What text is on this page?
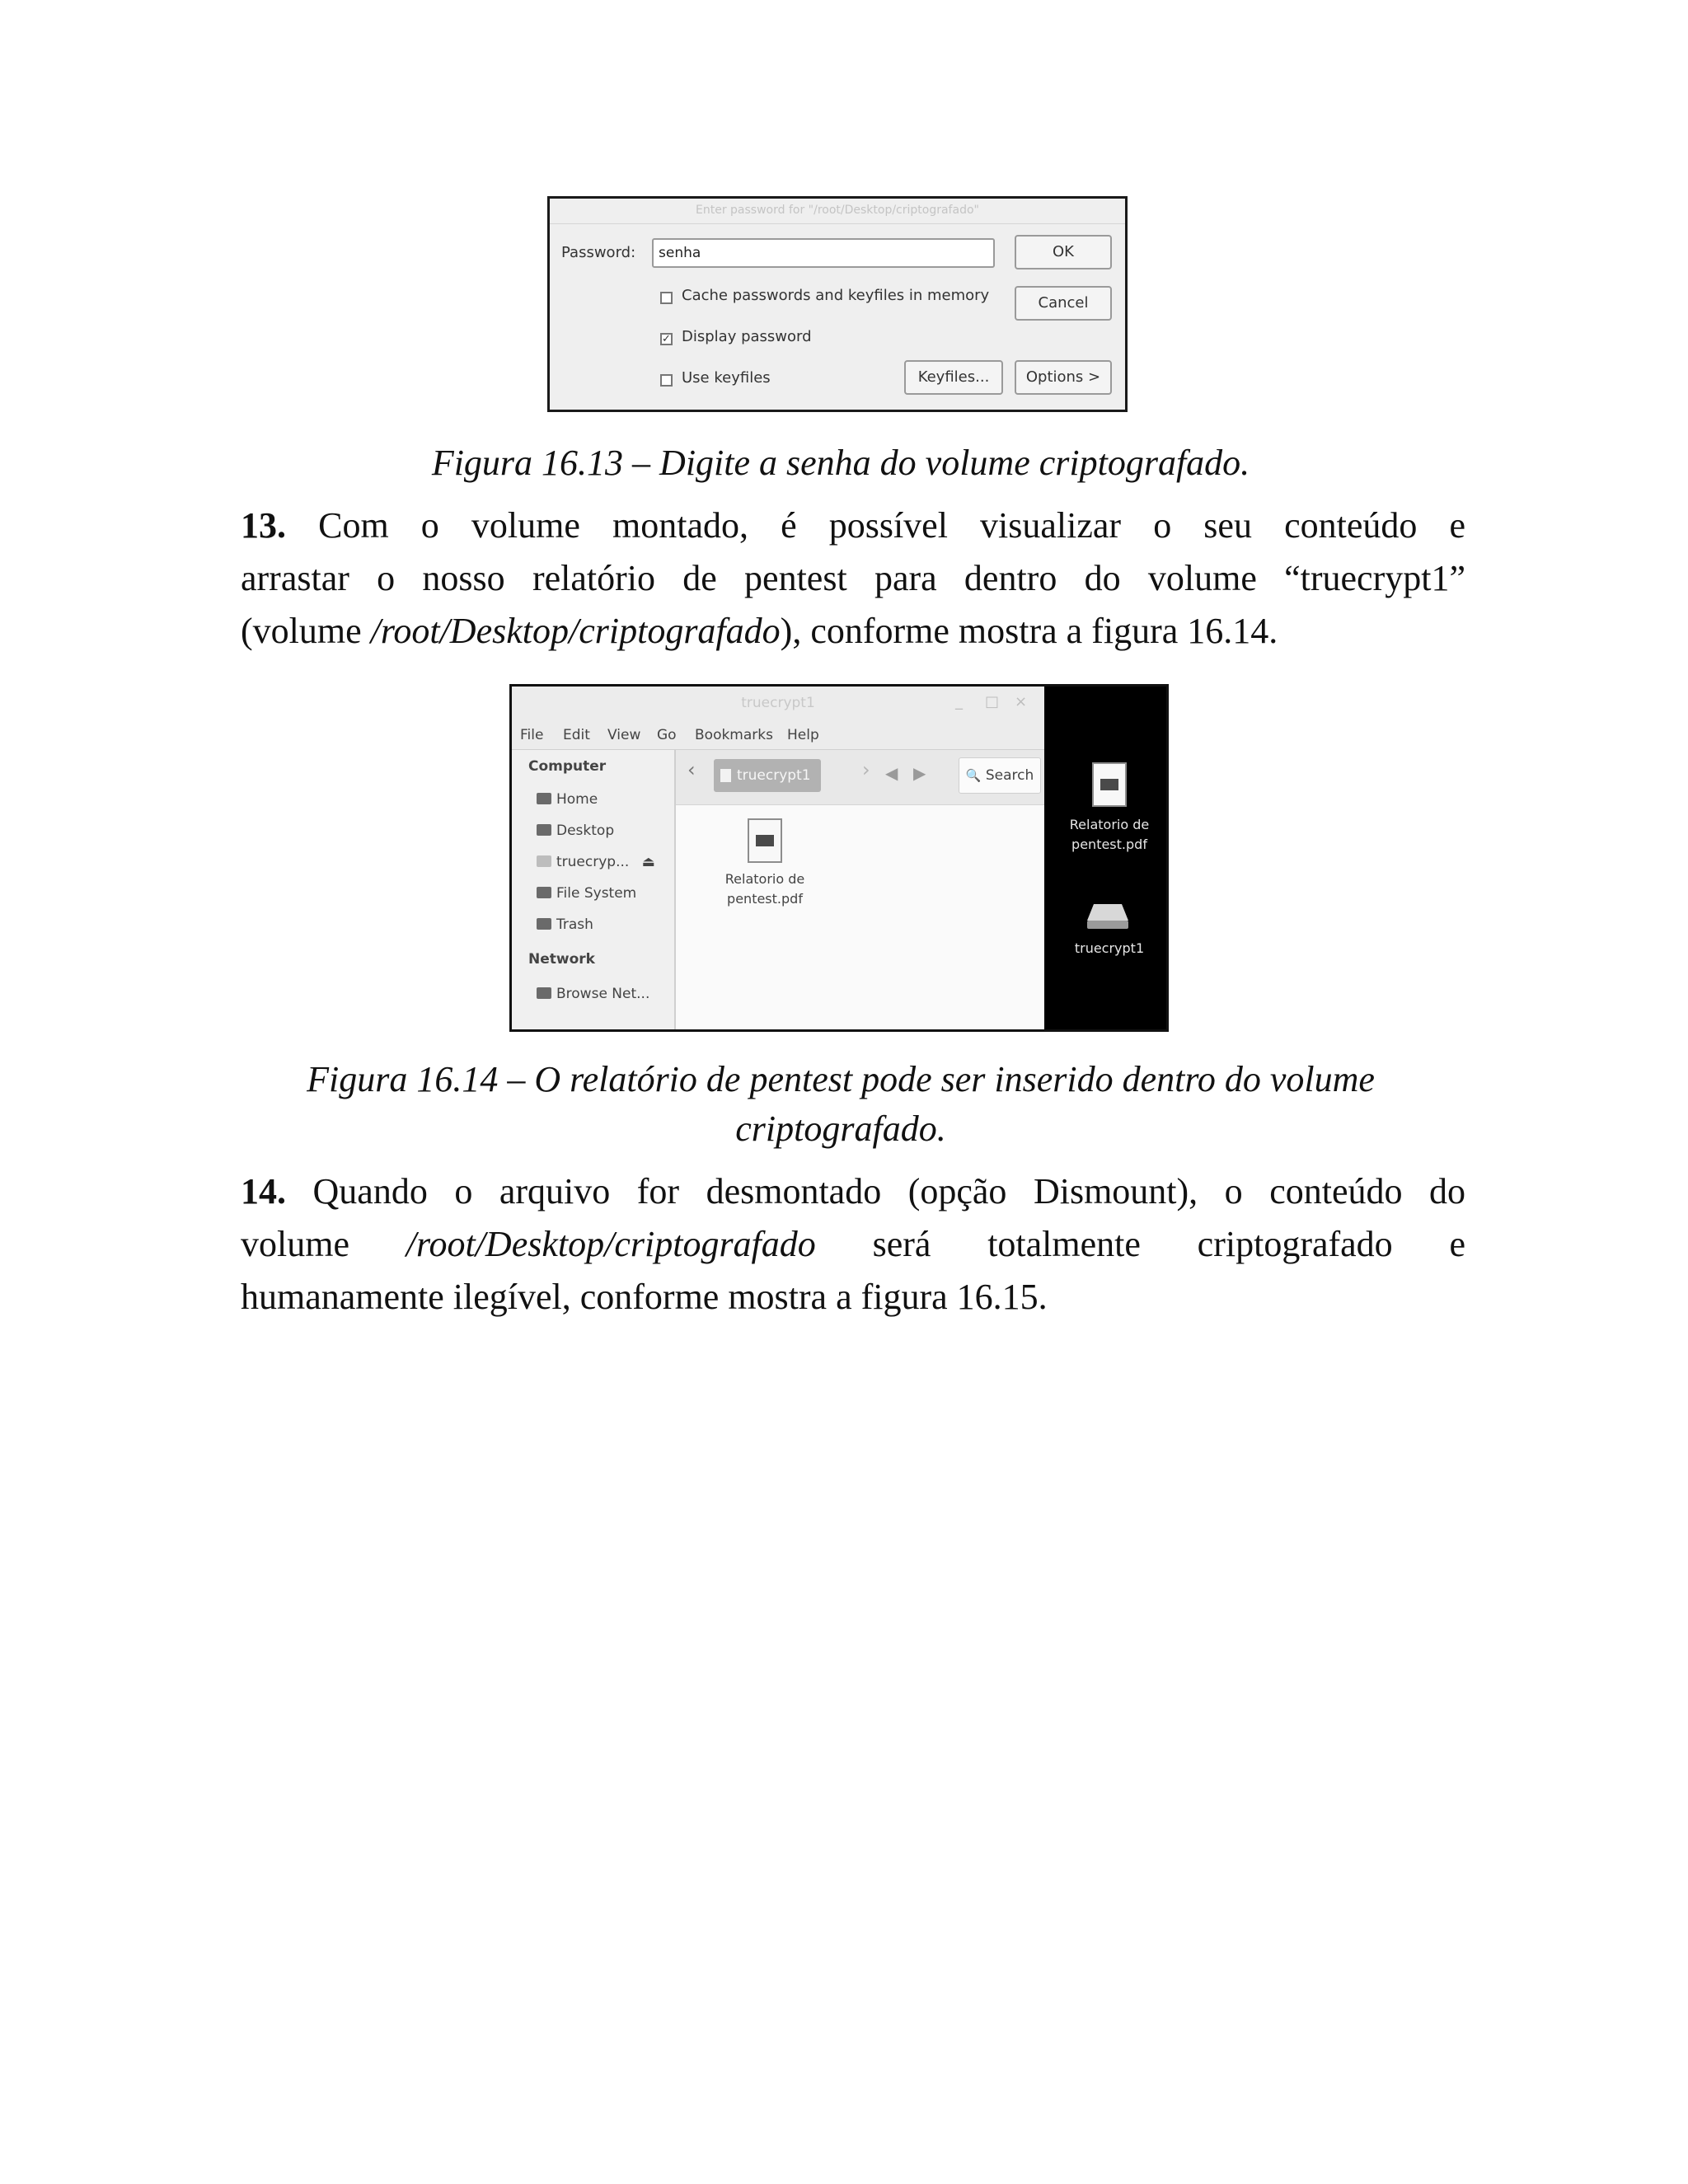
Enter password for "/root/Desktop/criptografado"
Password:	senha	OK
Cancel
Cache passwords and keyfiles in memory
✓ Display password
Use keyfiles	Keyfiles...	Options >
Figura 16.13 – Digite a senha do volume criptografado.
13. Com o volume montado, é possível visualizar o seu conteúdo e
arrastar o nosso relatório de pentest para dentro do volume “truecrypt1”
(volume /root/Desktop/criptografado), conforme mostra a figura 16.14.
truecrypt1	_ □ ×
File Edit View Go Bookmarks Help
Computer
Home
Desktop
truecryp... ⏏
File System
Trash
Network
Browse Net...
‹	truecrypt1	› ◀ ▶	🔍 Search
Relatorio de
pentest.pdf
Relatorio de
pentest.pdf
truecrypt1
Figura 16.14 – O relatório de pentest pode ser inserido dentro do volume
criptografado.
14. Quando o arquivo for desmontado (opção Dismount), o conteúdo do
volume /root/Desktop/criptografado será totalmente criptografado e
humanamente ilegível, conforme mostra a figura 16.15.
